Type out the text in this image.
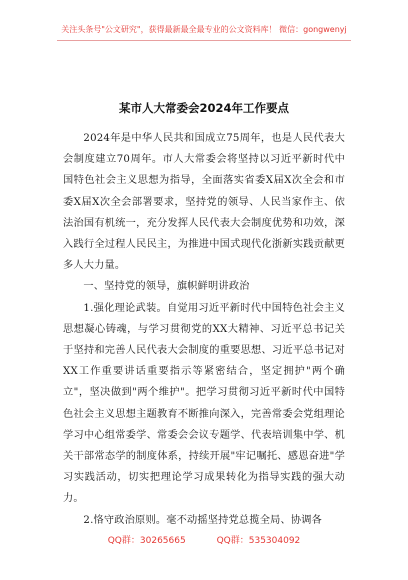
关注头条号"公文研究"，获得最新最全最专业的公文资料库！ 微信：gongwenyj
某市人大常委会2024年工作要点

2024年是中华人民共和国成立75周年，也是人民代表大会制度建立70周年。市人大常委会将坚持以习近平新时代中国特色社会主义思想为指导，全面落实省委X届X次全会和市委X届X次全会部署要求，坚持党的领导、人民当家作主、依法治国有机统一，充分发挥人民代表大会制度优势和功效，深入践行全过程人民民主，为推进中国式现代化浙新实践贡献更多人大力量。

一、坚持党的领导，旗帜鲜明讲政治

1.强化理论武装。自觉用习近平新时代中国特色社会主义思想凝心铸魂，与学习贯彻党的XX大精神、习近平总书记关于坚持和完善人民代表大会制度的重要思想、习近平总书记对XX工作重要讲话重要指示等紧密结合，坚定拥护"两个确立"，坚决做到"两个维护"。把学习贯彻习近平新时代中国特色社会主义思想主题教育不断推向深入，完善常委会党组理论学习中心组常委学、常委会会议专题学、代表培训集中学、机关干部常态学的制度体系，持续开展"牢记嘱托、感恩奋进"学习实践活动，切实把理论学习成果转化为指导实践的强大动力。

2.恪守政治原则。毫不动摇坚持党总揽全局、协调各

QQ群：30265665	QQ群：535304092
